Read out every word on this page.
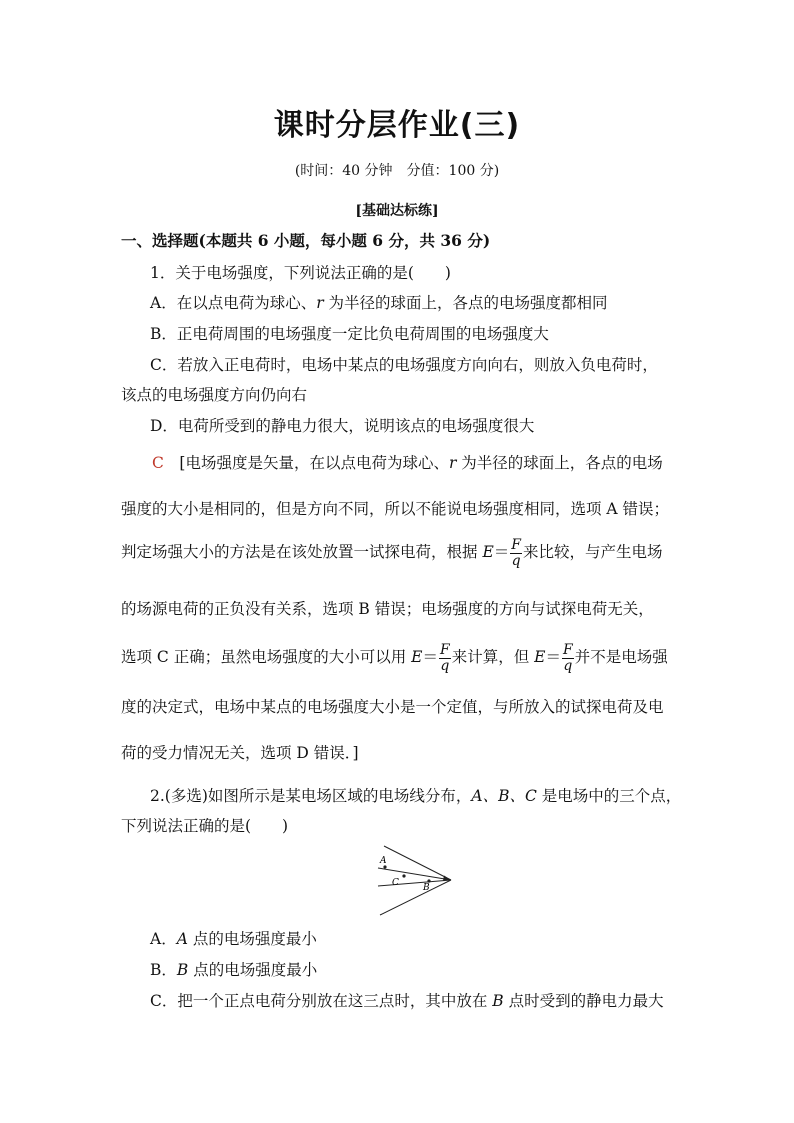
课时分层作业(三)
(时间：40 分钟　分值：100 分)
[基础达标练]
一、选择题(本题共 6 小题，每小题 6 分，共 36 分)
1．关于电场强度，下列说法正确的是(　　)
A．在以点电荷为球心、r 为半径的球面上，各点的电场强度都相同
B．正电荷周围的电场强度一定比负电荷周围的电场强度大
C．若放入正电荷时，电场中某点的电场强度方向向右，则放入负电荷时，
该点的电场强度方向仍向右
D．电荷所受到的静电力很大，说明该点的电场强度很大
C　 [电场强度是矢量，在以点电荷为球心、r 为半径的球面上，各点的电场
强度的大小是相同的，但是方向不同，所以不能说电场强度相同，选项 A 错误；
判定场强大小的方法是在该处放置一试探电荷，根据 $E= \frac{F}{q}$ 来比较，与产生电场
的场源电荷的正负没有关系，选项 B 错误；电场强度的方向与试探电荷无关，
选项 C 正确；虽然电场强度的大小可以用 $E= \frac{F}{q}$ 来计算，但 $E= \frac{F}{q}$ 并不是电场强
度的决定式，电场中某点的电场强度大小是一个定值，与所放入的试探电荷及电
荷的受力情况无关，选项 D 错误．]
2.(多选)如图所示是某电场区域的电场线分布，A、B、C 是电场中的三个点，
下列说法正确的是(　　)
A
C	B
A．A 点的电场强度最小
B．B 点的电场强度最小
C．把一个正点电荷分别放在这三点时，其中放在 B 点时受到的静电力最大
